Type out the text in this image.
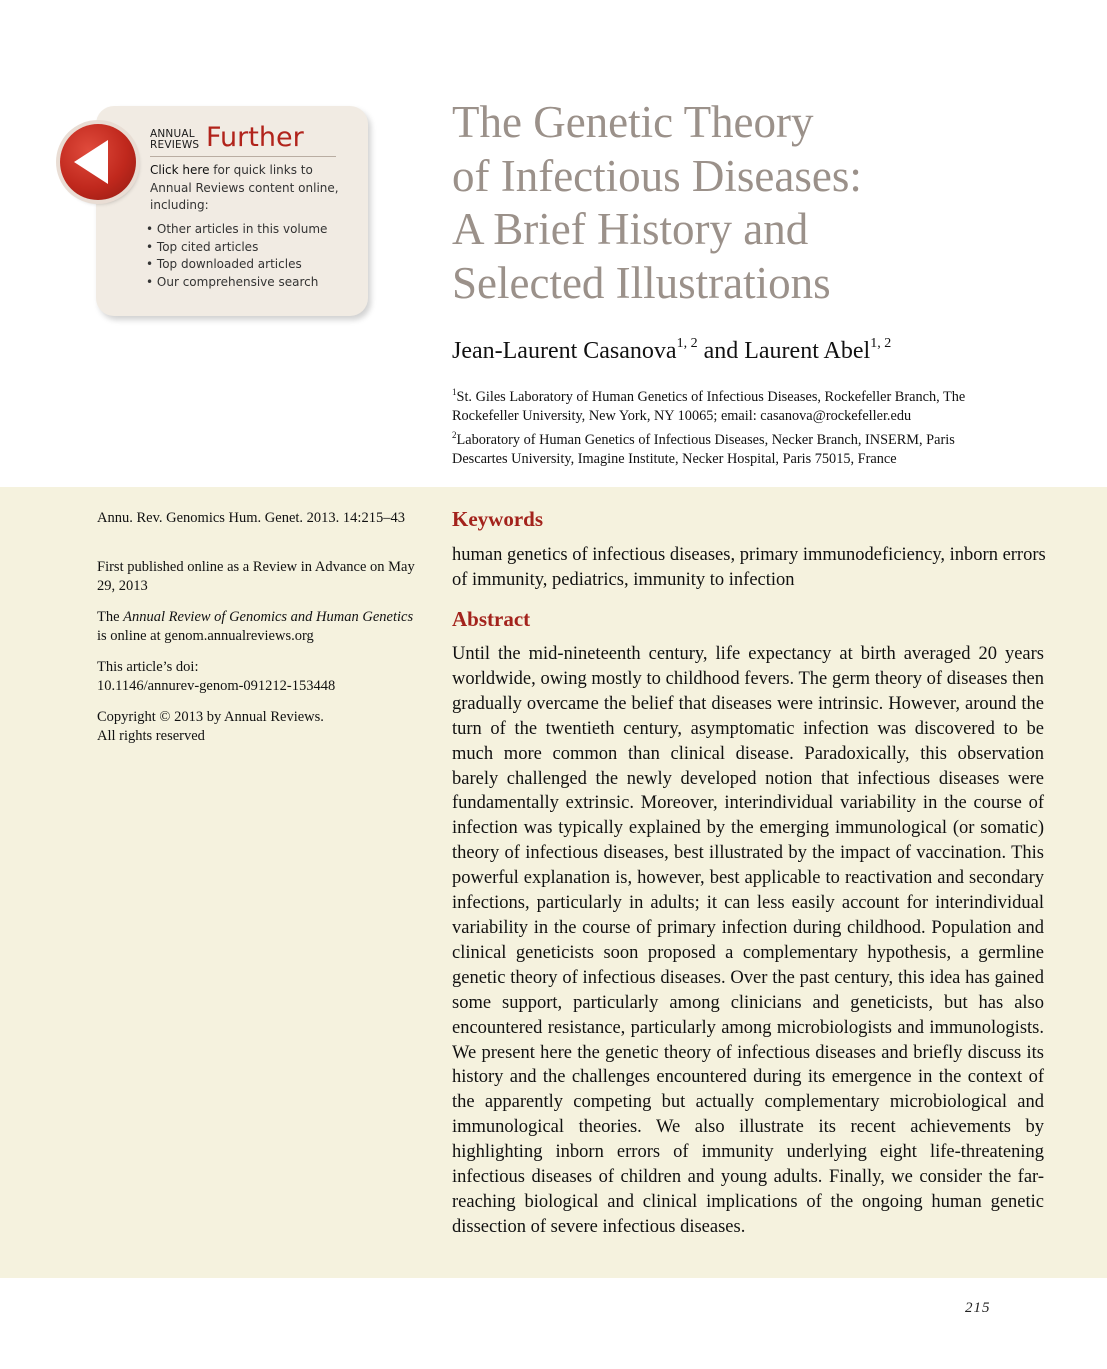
ANNUAL
REVIEWS Further
Click here for quick links to Annual Reviews content online, including:
• Other articles in this volume
• Top cited articles
• Top downloaded articles
• Our comprehensive search
The Genetic Theory
of Infectious Diseases:
A Brief History and
Selected Illustrations
Jean-Laurent Casanova$^{1, 2}$ and Laurent Abel$^{1, 2}$
$^1$St. Giles Laboratory of Human Genetics of Infectious Diseases, Rockefeller Branch, The Rockefeller University, New York, NY 10065; email: casanova@rockefeller.edu
$^2$Laboratory of Human Genetics of Infectious Diseases, Necker Branch, INSERM, Paris Descartes University, Imagine Institute, Necker Hospital, Paris 75015, France
Annu. Rev. Genomics Hum. Genet. 2013. 14:215–43
First published online as a Review in Advance on May 29, 2013
The Annual Review of Genomics and Human Genetics is online at genom.annualreviews.org
This article’s doi:
10.1146/annurev-genom-091212-153448
Copyright © 2013 by Annual Reviews.
All rights reserved
Keywords
human genetics of infectious diseases, primary immunodeficiency, inborn errors of immunity, pediatrics, immunity to infection
Abstract
Until the mid-nineteenth century, life expectancy at birth averaged 20 years worldwide, owing mostly to childhood fevers. The germ theory of diseases then gradually overcame the belief that diseases were intrinsic. However, around the turn of the twentieth century, asymptomatic infection was discovered to be much more common than clinical disease. Paradoxically, this observation barely challenged the newly developed notion that infectious diseases were fundamentally extrinsic. Moreover, interindividual variability in the course of infection was typically explained by the emerging immunological (or somatic) theory of infectious diseases, best illustrated by the impact of vaccination. This powerful explanation is, however, best applicable to reactivation and secondary infections, particularly in adults; it can less easily account for interindividual variability in the course of primary infection during childhood. Population and clinical geneticists soon proposed a complementary hypothesis, a germline genetic theory of infectious diseases. Over the past century, this idea has gained some support, particularly among clinicians and geneticists, but has also encountered resistance, particularly among microbiologists and immunologists. We present here the genetic theory of infectious diseases and briefly discuss its history and the challenges encountered during its emergence in the context of the apparently competing but actually complementary microbiological and immunological theories. We also illustrate its recent achievements by highlighting inborn errors of immunity underlying eight life-threatening infectious diseases of children and young adults. Finally, we consider the far-reaching biological and clinical implications of the ongoing human genetic dissection of severe infectious diseases.
215
